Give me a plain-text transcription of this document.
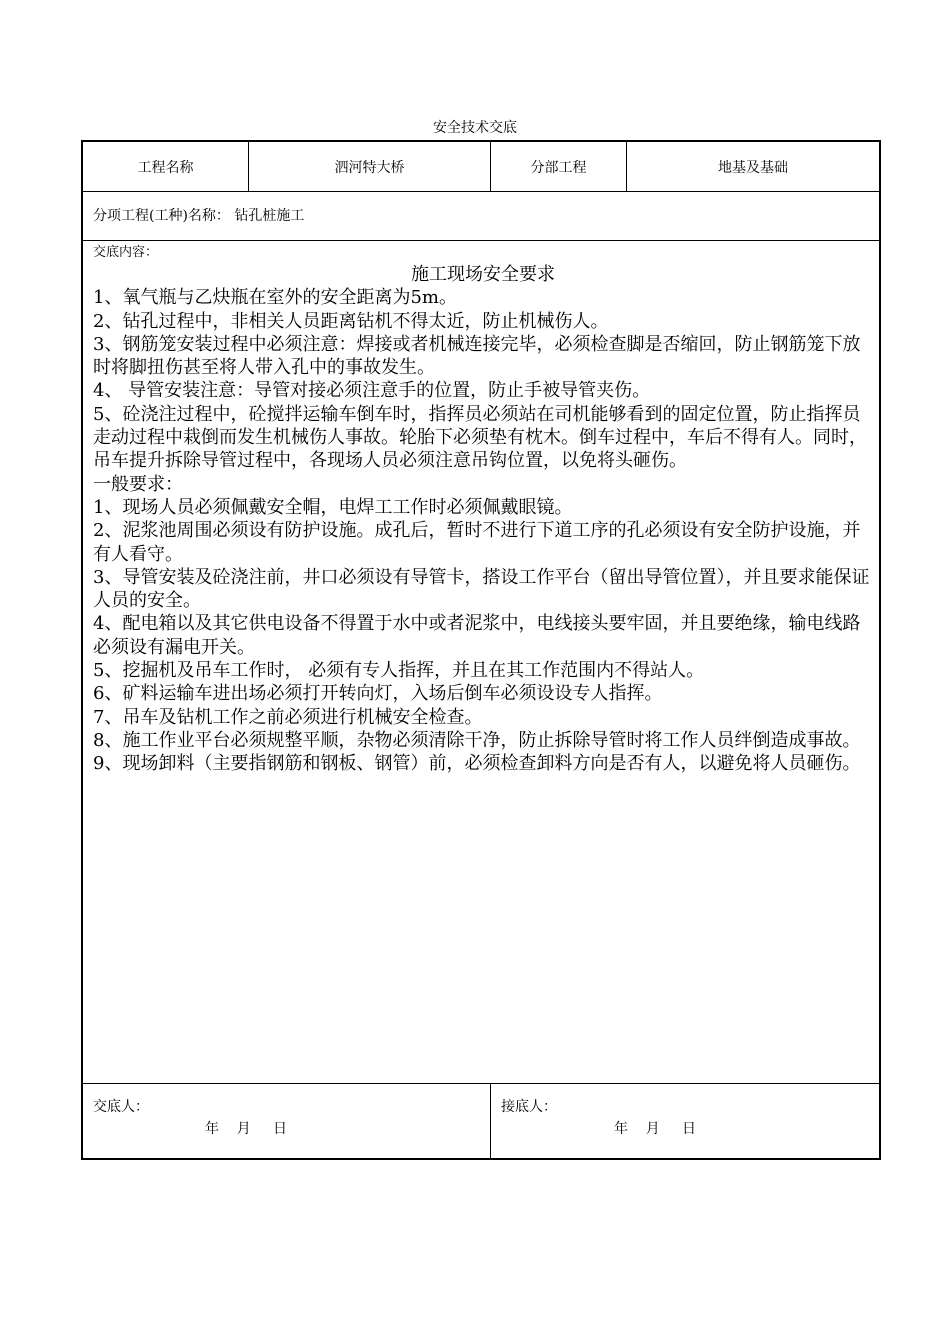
安全技术交底
工程名称	泗河特大桥	分部工程	地基及基础
分项工程(工种)名称： 钻孔桩施工
交底内容：
施工现场安全要求

1、氧气瓶与乙炔瓶在室外的安全距离为5m。

2、钻孔过程中，非相关人员距离钻机不得太近，防止机械伤人。

3、钢筋笼安装过程中必须注意：焊接或者机械连接完毕，必须检查脚是否缩回，防止钢筋笼下放时将脚扭伤甚至将人带入孔中的事故发生。

4、 导管安装注意：导管对接必须注意手的位置，防止手被导管夹伤。

5、砼浇注过程中，砼搅拌运输车倒车时，指挥员必须站在司机能够看到的固定位置，防止指挥员走动过程中栽倒而发生机械伤人事故。轮胎下必须垫有枕木。倒车过程中，车后不得有人。同时，吊车提升拆除导管过程中，各现场人员必须注意吊钩位置，以免将头砸伤。

一般要求：

1、现场人员必须佩戴安全帽，电焊工工作时必须佩戴眼镜。

2、泥浆池周围必须设有防护设施。成孔后，暂时不进行下道工序的孔必须设有安全防护设施，并有人看守。

3、导管安装及砼浇注前，井口必须设有导管卡，搭设工作平台（留出导管位置），并且要求能保证人员的安全。

4、配电箱以及其它供电设备不得置于水中或者泥浆中，电线接头要牢固，并且要绝缘，输电线路必须设有漏电开关。

5、挖掘机及吊车工作时， 必须有专人指挥，并且在其工作范围内不得站人。

6、矿料运输车进出场必须打开转向灯，入场后倒车必须设设专人指挥。

7、吊车及钻机工作之前必须进行机械安全检查。

8、施工作业平台必须规整平顺，杂物必须清除干净，防止拆除导管时将工作人员绊倒造成事故。

9、现场卸料（主要指钢筋和钢板、钢管）前，必须检查卸料方向是否有人，以避免将人员砸伤。

交底人：
年    月     日
接底人：
年    月     日
